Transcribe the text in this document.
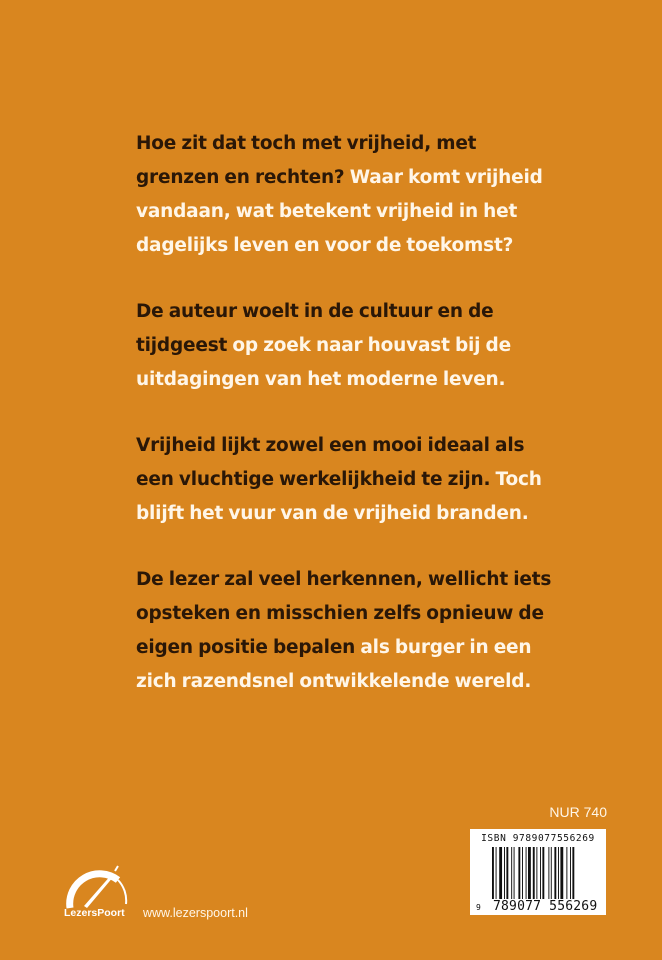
Hoe zit dat toch met vrijheid, met
grenzen en rechten? Waar komt vrijheid
vandaan, wat betekent vrijheid in het
dagelijks leven en voor de toekomst?

De auteur woelt in de cultuur en de
tijdgeest op zoek naar houvast bij de
uitdagingen van het moderne leven.

Vrijheid lijkt zowel een mooi ideaal als
een vluchtige werkelijkheid te zijn. Toch
blijft het vuur van de vrijheid branden.

De lezer zal veel herkennen, wellicht iets
opsteken en misschien zelfs opnieuw de
eigen positie bepalen als burger in een
zich razendsnel ontwikkelende wereld.

NUR 740
ISBN 9789077556269
9 789077 556269
LezersPoort www.lezerspoort.nl
